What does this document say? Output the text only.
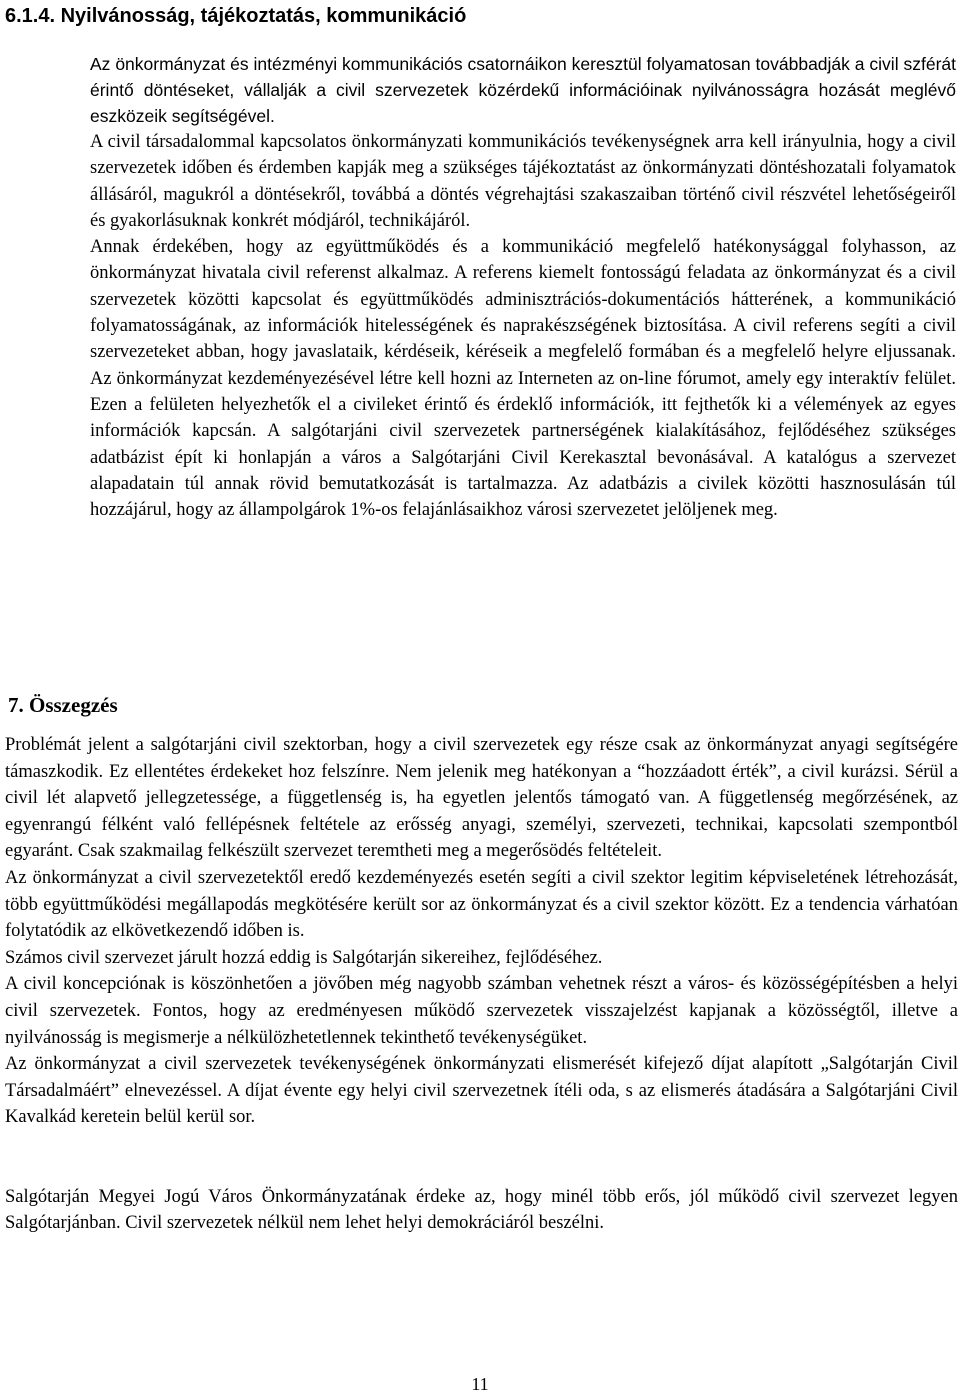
6.1.4. Nyilvánosság, tájékoztatás, kommunikáció

Az önkormányzat és intézményi kommunikációs csatornáikon keresztül folyamatosan továbbadják a civil szférát érintő döntéseket, vállalják a civil szervezetek közérdekű információinak nyilvánosságra hozását meglévő eszközeik segítségével.

A civil társadalommal kapcsolatos önkormányzati kommunikációs tevékenységnek arra kell irányulnia, hogy a civil szervezetek időben és érdemben kapják meg a szükséges tájékoztatást az önkormányzati döntéshozatali folyamatok állásáról, magukról a döntésekről, továbbá a döntés végrehajtási szakaszaiban történő civil részvétel lehetőségeiről és gyakorlásuknak konkrét módjáról, technikájáról.

Annak érdekében, hogy az együttműködés és a kommunikáció megfelelő hatékonysággal folyhasson, az önkormányzat hivatala civil referenst alkalmaz. A referens kiemelt fontosságú feladata az önkormányzat és a civil szervezetek közötti kapcsolat és együttműködés adminisztrációs-dokumentációs hátterének, a kommunikáció folyamatosságának, az információk hitelességének és naprakészségének biztosítása. A civil referens segíti a civil szervezeteket abban, hogy javaslataik, kérdéseik, kéréseik a megfelelő formában és a megfelelő helyre eljussanak. Az önkormányzat kezdeményezésével létre kell hozni az Interneten az on-line fórumot, amely egy interaktív felület. Ezen a felületen helyezhetők el a civileket érintő és érdeklő információk, itt fejthetők ki a vélemények az egyes információk kapcsán. A salgótarjáni civil szervezetek partnerségének kialakításához, fejlődéséhez szükséges adatbázist épít ki honlapján a város a Salgótarjáni Civil Kerekasztal bevonásával. A katalógus a szervezet alapadatain túl annak rövid bemutatkozását is tartalmazza. Az adatbázis a civilek közötti hasznosulásán túl hozzájárul, hogy az állampolgárok 1%-os felajánlásaikhoz városi szervezetet jelöljenek meg.

7. Összegzés

Problémát jelent a salgótarjáni civil szektorban, hogy a civil szervezetek egy része csak az önkormányzat anyagi segítségére támaszkodik. Ez ellentétes érdekeket hoz felszínre. Nem jelenik meg hatékonyan a “hozzáadott érték”, a civil kurázsi. Sérül a civil lét alapvető jellegzetessége, a függetlenség is, ha egyetlen jelentős támogató van. A függetlenség megőrzésének, az egyenrangú félként való fellépésnek feltétele az erősség anyagi, személyi, szervezeti, technikai, kapcsolati szempontból egyaránt. Csak szakmailag felkészült szervezet teremtheti meg a megerősödés feltételeit.

Az önkormányzat a civil szervezetektől eredő kezdeményezés esetén segíti a civil szektor legitim képviseletének létrehozását, több együttműködési megállapodás megkötésére került sor az önkormányzat és a civil szektor között. Ez a tendencia várhatóan folytatódik az elkövetkezendő időben is.

Számos civil szervezet járult hozzá eddig is Salgótarján sikereihez, fejlődéséhez.

A civil koncepciónak is köszönhetően a jövőben még nagyobb számban vehetnek részt a város- és közösségépítésben a helyi civil szervezetek. Fontos, hogy az eredményesen működő szervezetek visszajelzést kapjanak a közösségtől, illetve a nyilvánosság is megismerje a nélkülözhetetlennek tekinthető tevékenységüket.

Az önkormányzat a civil szervezetek tevékenységének önkormányzati elismerését kifejező díjat alapított „Salgótarján Civil Társadalmáért” elnevezéssel. A díjat évente egy helyi civil szervezetnek ítéli oda, s az elismerés átadására a Salgótarjáni Civil Kavalkád keretein belül kerül sor.

Salgótarján Megyei Jogú Város Önkormányzatának érdeke az, hogy minél több erős, jól működő civil szervezet legyen Salgótarjánban. Civil szervezetek nélkül nem lehet helyi demokráciáról beszélni.

11
